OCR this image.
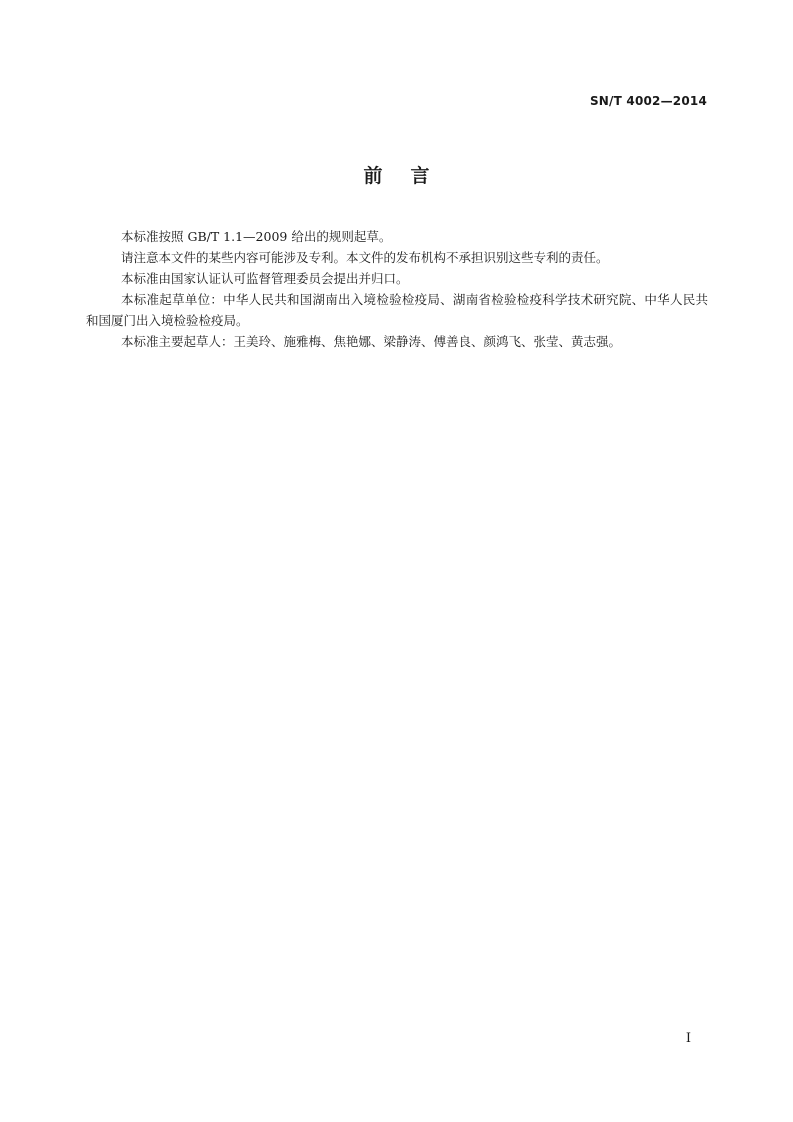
SN/T 4002—2014
前言

本标准按照 GB/T 1.1—2009 给出的规则起草。

请注意本文件的某些内容可能涉及专利。本文件的发布机构不承担识别这些专利的责任。

本标准由国家认证认可监督管理委员会提出并归口。

本标准起草单位：中华人民共和国湖南出入境检验检疫局、湖南省检验检疫科学技术研究院、中华人民共和国厦门出入境检验检疫局。

本标准主要起草人：王美玲、施雅梅、焦艳娜、梁静涛、傅善良、颜鸿飞、张莹、黄志强。

I
